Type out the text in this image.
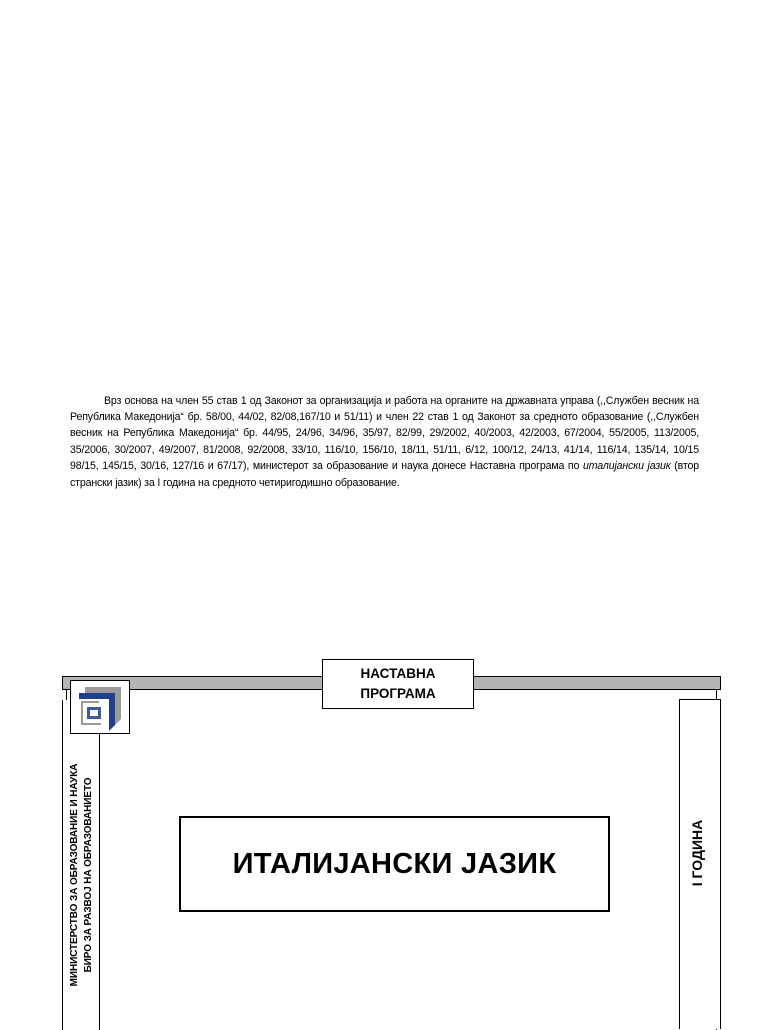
Врз основа на член 55 став 1 од Законот за организација и работа на органите на државната управа (,,Службен весник на Република Македонија“ бр. 58/00, 44/02, 82/08,167/10 и 51/11) и член 22 став 1 од Законот за средното образование (,,Службен весник на Република Македонија“ бр. 44/95, 24/96, 34/96, 35/97, 82/99, 29/2002, 40/2003, 42/2003, 67/2004, 55/2005, 113/2005, 35/2006, 30/2007, 49/2007, 81/2008, 92/2008, 33/10, 116/10, 156/10, 18/11, 51/11, 6/12, 100/12, 24/13, 41/14, 116/14, 135/14, 10/15 98/15, 145/15, 30/16, 127/16 и 67/17), министерот за образование и наука донесе Наставна програма по италијански јазик (втор странски јазик) за I година на средното четиригодишно образование.

НАСТАВНА
ПРОГРАМА
МИНИСТЕРСТВО ЗА ОБРАЗОВАНИЕ И НАУКА БИРО ЗА РАЗВОЈ НА ОБРАЗОВАНИЕТО	ИТАЛИЈАНСКИ ЈАЗИК	I ГОДИНА
